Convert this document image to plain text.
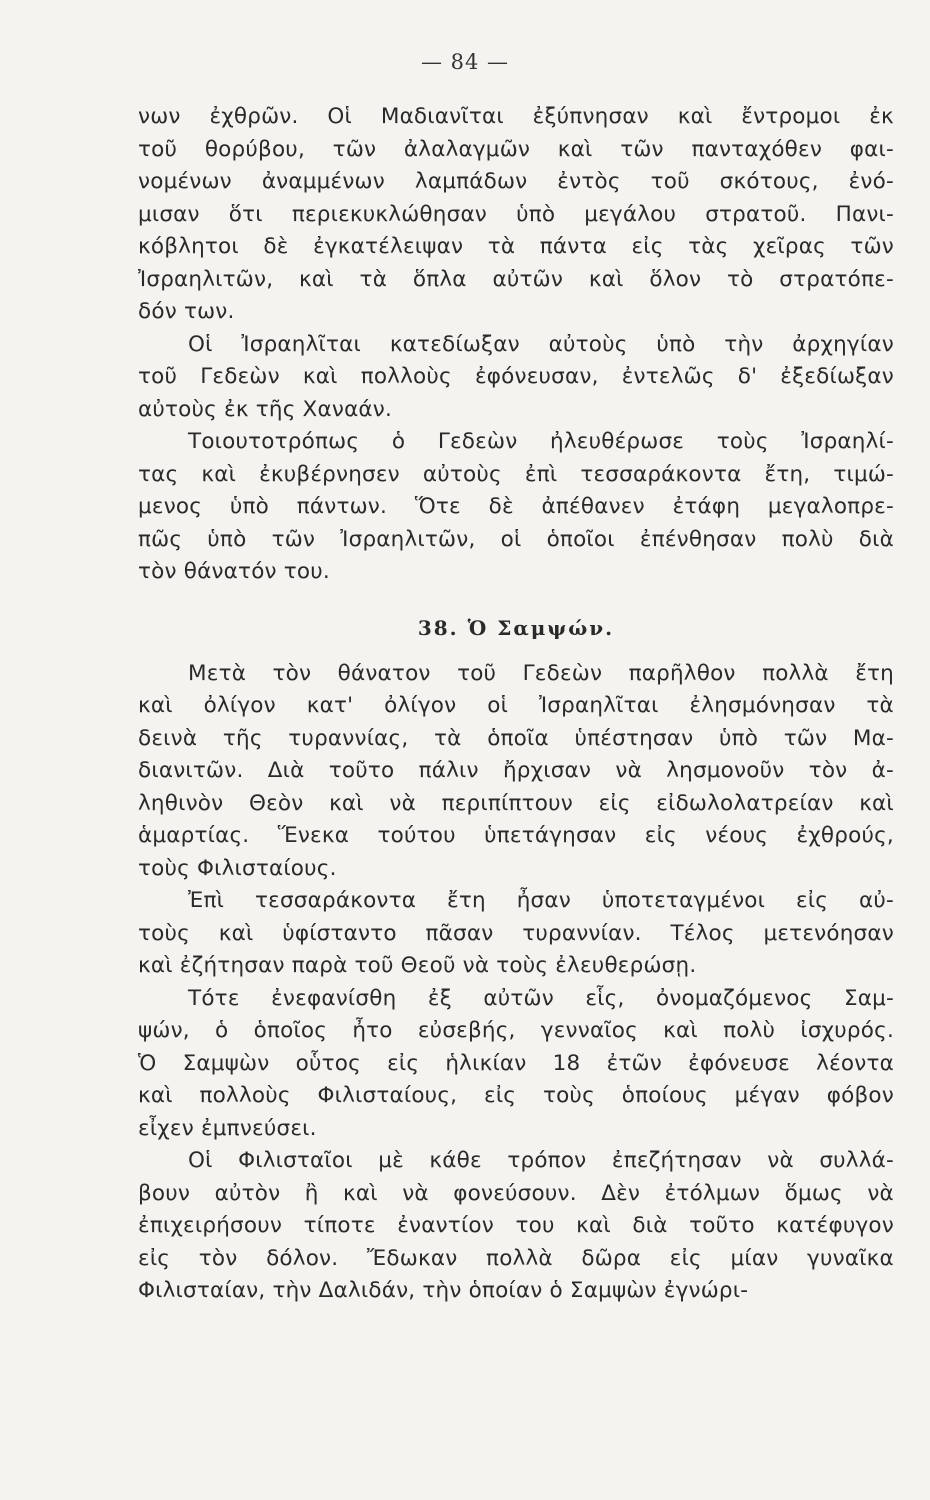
— 84 —
νων ἐχθρῶν. Οἱ Μαδιανῖται ἐξύπνησαν καὶ ἔντρομοι ἐκ
τοῦ θορύβου, τῶν ἀλαλαγμῶν καὶ τῶν πανταχόθεν φαι-
νομένων ἀναμμένων λαμπάδων ἐντὸς τοῦ σκότους, ἐνό-
μισαν ὅτι περιεκυκλώθησαν ὑπὸ μεγάλου στρατοῦ. Πανι-
κόβλητοι δὲ ἐγκατέλειψαν τὰ πάντα εἰς τὰς χεῖρας τῶν
Ἰσραηλιτῶν, καὶ τὰ ὅπλα αὐτῶν καὶ ὅλον τὸ στρατόπε-
δόν των.
Οἱ Ἰσραηλῖται κατεδίωξαν αὐτοὺς ὑπὸ τὴν ἀρχηγίαν
τοῦ Γεδεὼν καὶ πολλοὺς ἐφόνευσαν, ἐντελῶς δ' ἐξεδίωξαν
αὐτοὺς ἐκ τῆς Χαναάν.
Τοιουτοτρόπως ὁ Γεδεὼν ἠλευθέρωσε τοὺς Ἰσραηλί-
τας καὶ ἐκυβέρνησεν αὐτοὺς ἐπὶ τεσσαράκοντα ἔτη, τιμώ-
μενος ὑπὸ πάντων. Ὅτε δὲ ἀπέθανεν ἐτάφη μεγαλοπρε-
πῶς ὑπὸ τῶν Ἰσραηλιτῶν, οἱ ὁποῖοι ἐπένθησαν πολὺ διὰ
τὸν θάνατόν του.
38. Ὁ Σαμψών.
Μετὰ τὸν θάνατον τοῦ Γεδεὼν παρῆλθον πολλὰ ἔτη
καὶ ὀλίγον κατ' ὀλίγον οἱ Ἰσραηλῖται ἐλησμόνησαν τὰ
δεινὰ τῆς τυραννίας, τὰ ὁποῖα ὑπέστησαν ὑπὸ τῶν Μα-
διανιτῶν. Διὰ τοῦτο πάλιν ἤρχισαν νὰ λησμονοῦν τὸν ἀ-
ληθινὸν Θεὸν καὶ νὰ περιπίπτουν εἰς εἰδωλολατρείαν καὶ
ἁμαρτίας. Ἕνεκα τούτου ὑπετάγησαν εἰς νέους ἐχθρούς,
τοὺς Φιλισταίους.
Ἐπὶ τεσσαράκοντα ἔτη ἦσαν ὑποτεταγμένοι εἰς αὐ-
τοὺς καὶ ὑφίσταντο πᾶσαν τυραννίαν. Τέλος μετενόησαν
καὶ ἐζήτησαν παρὰ τοῦ Θεοῦ νὰ τοὺς ἐλευθερώσῃ.
Τότε ἐνεφανίσθη ἐξ αὐτῶν εἷς, ὀνομαζόμενος Σαμ-
ψών, ὁ ὁποῖος ἦτο εὐσεβής, γενναῖος καὶ πολὺ ἰσχυρός.
Ὁ Σαμψὼν οὗτος εἰς ἡλικίαν 18 ἐτῶν ἐφόνευσε λέοντα
καὶ πολλοὺς Φιλισταίους, εἰς τοὺς ὁποίους μέγαν φόβον
εἶχεν ἐμπνεύσει.
Οἱ Φιλισταῖοι μὲ κάθε τρόπον ἐπεζήτησαν νὰ συλλά-
βουν αὐτὸν ἢ καὶ νὰ φονεύσουν. Δὲν ἐτόλμων ὅμως νὰ
ἐπιχειρήσουν τίποτε ἐναντίον του καὶ διὰ τοῦτο κατέφυγον
εἰς τὸν δόλον. Ἔδωκαν πολλὰ δῶρα εἰς μίαν γυναῖκα
Φιλισταίαν, τὴν Δαλιδάν, τὴν ὁποίαν ὁ Σαμψὼν ἐγνώρι-
